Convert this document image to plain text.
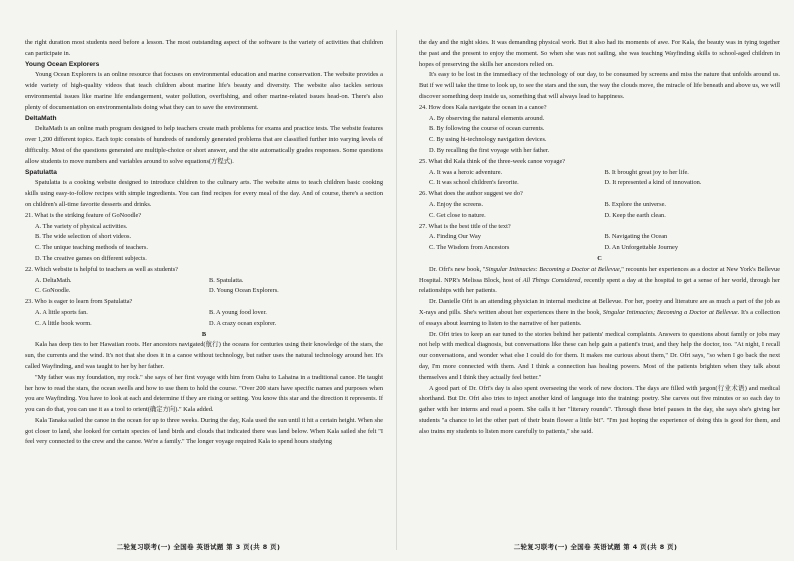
the right duration most students need before a lesson. The most outstanding aspect of the software is the variety of activities that children can participate in.

Young Ocean Explorers

Young Ocean Explorers is an online resource that focuses on environmental education and marine conservation. The website provides a wide variety of high-quality videos that teach children about marine life's beauty and diversity. The website also tackles serious environmental issues like marine life endangerment, water pollution, overfishing, and other marine-related issues head-on. There's also plenty of documentation on environmentalists doing what they can to save the environment.

DeltaMath

DeltaMath is an online math program designed to help teachers create math problems for exams and practice tests. The website features over 1,200 different topics. Each topic consists of hundreds of randomly generated problems that are classified further into varying levels of difficulty. Most of the questions generated are multiple-choice or short answer, and the site automatically grades responses. Some questions allow students to move numbers and variables around to solve equations(方程式).

Spatulatta

Spatulatta is a cooking website designed to introduce children to the culinary arts. The website aims to teach children basic cooking skills using easy-to-follow recipes with simple ingredients. You can find recipes for every meal of the day. And of course, there's a section on children's all-time favorite desserts and drinks.

21. What is the striking feature of GoNoodle?

A. The variety of physical activities.

B. The wide selection of short videos.

C. The unique teaching methods of teachers.

D. The creative games on different subjects.

22. Which website is helpful to teachers as well as students?

A. DeltaMath.	B. Spatulatta.
C. GoNoodle.	D. Young Ocean Explorers.

23. Who is eager to learn from Spatulatta?

A. A little sports fan.	B. A young food lover.
C. A little book worm.	D. A crazy ocean explorer.

B

Kala has deep ties to her Hawaiian roots. Her ancestors navigated(航行) the oceans for centuries using their knowledge of the stars, the sun, the currents and the wind. It's not that she does it in a canoe without technology, but rather uses the natural technology around her. It's called Wayfinding, and was taught to her by her father.

"My father was my foundation, my rock." she says of her first voyage with him from Oahu to Lahaina in a traditional canoe. He taught her how to read the stars, the ocean swells and how to use them to hold the course. "Over 200 stars have specific names and purposes when you are Wayfinding. You have to look at each and determine if they are rising or setting. You know this star and the direction it represents. If you can do that, you can use it as a tool to orient(确定方向)." Kala added.

Kala Tanaka sailed the canoe in the ocean for up to three weeks. During the day, Kala used the sun until it hit a certain height. When she got closer to land, she looked for certain species of land birds and clouds that indicated there was land below. When Kala sailed she felt "I feel very connected to the crew and the canoe. We're a family." The longer voyage required Kala to spend hours studying

二轮复习联考(一) 全国卷 英语试题 第 3 页(共 8 页)

the day and the night skies. It was demanding physical work. But it also had its moments of awe. For Kala, the beauty was in tying together the past and the present to enjoy the moment. So when she was not sailing, she was teaching Wayfinding skills to school-aged children in hopes of preserving the skills her ancestors relied on.

It's easy to be lost in the immediacy of the technology of our day, to be consumed by screens and miss the nature that unfolds around us. But if we will take the time to look up, to see the stars and the sun, the way the clouds move, the miracle of life beneath and above us, we will discover something deep inside us, something that will always lead to happiness.

24. How does Kala navigate the ocean in a canoe?

A. By observing the natural elements around.

B. By following the course of ocean currents.

C. By using hi-technology navigation devices.

D. By recalling the first voyage with her father.

25. What did Kala think of the three-week canoe voyage?

A. It was a heroic adventure.	B. It brought great joy to her life.
C. It was school children's favorite.	D. It represented a kind of innovation.

26. What does the author suggest we do?

A. Enjoy the screens.	B. Explore the universe.
C. Get close to nature.	D. Keep the earth clean.

27. What is the best title of the text?

A. Finding Our Way	B. Navigating the Ocean
C. The Wisdom from Ancestors	D. An Unforgettable Journey

C

Dr. Ofri's new book, "Singular Intimacies: Becoming a Doctor at Bellevue," recounts her experiences as a doctor at New York's Bellevue Hospital. NPR's Melissa Block, host of All Things Considered, recently spent a day at the hospital to get a sense of her world, through her relationships with her patients.

Dr. Danielle Ofri is an attending physician in internal medicine at Bellevue. For her, poetry and literature are as much a part of the job as X-rays and pills. She's written about her experiences there in the book, Singular Intimacies; Becoming a Doctor at Bellevue. It's a collection of essays about learning to listen to the narrative of her patients.

Dr. Ofri tries to keep an ear tuned to the stories behind her patients' medical complaints. Answers to questions about family or jobs may not help with medical diagnosis, but conversations like these can help gain a patient's trust, and they help the doctor, too. "At night, I recall our conversations, and wonder what else I could do for them. It makes me curious about them," Dr. Ofri says, "so when I go back the next day, I'm more connected with them. And I think a connection has healing powers. Most of the patients brighten when they talk about themselves and I think they actually feel better."

A good part of Dr. Ofri's day is also spent overseeing the work of new doctors. The days are filled with jargon(行业术语) and medical shorthand. But Dr. Ofri also tries to inject another kind of language into the training: poetry. She carves out five minutes or so each day to gather with her interns and read a poem. She calls it her "literary rounds". Through these brief pauses in the day, she says she's giving her students "a chance to let the other part of their brain flower a little bit". "I'm just hoping the experience of doing this is good for them, and also trains my students to listen more carefully to patients," she said.

二轮复习联考(一) 全国卷 英语试题 第 4 页(共 8 页)
